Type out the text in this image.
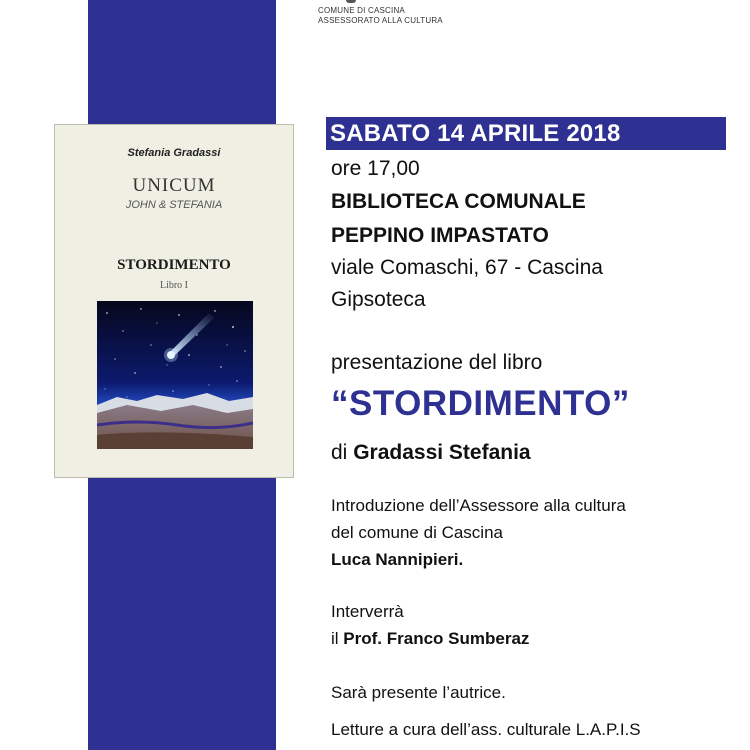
COMUNE DI CASCINA
ASSESSORATO ALLA CULTURA
Stefania Gradassi
UNICUM
JOHN & STEFANIA
STORDIMENTO
Libro I
SABATO 14 APRILE 2018
ore 17,00
BIBLIOTECA COMUNALE
PEPPINO IMPASTATO
viale Comaschi, 67 - Cascina
Gipsoteca
presentazione del libro
“STORDIMENTO”
di Gradassi Stefania
Introduzione dell’Assessore alla cultura
del comune di Cascina
Luca Nannipieri.
Interverrà
il Prof. Franco Sumberaz
Sarà presente l’autrice.
Letture a cura dell’ass. culturale L.A.P.I.S
